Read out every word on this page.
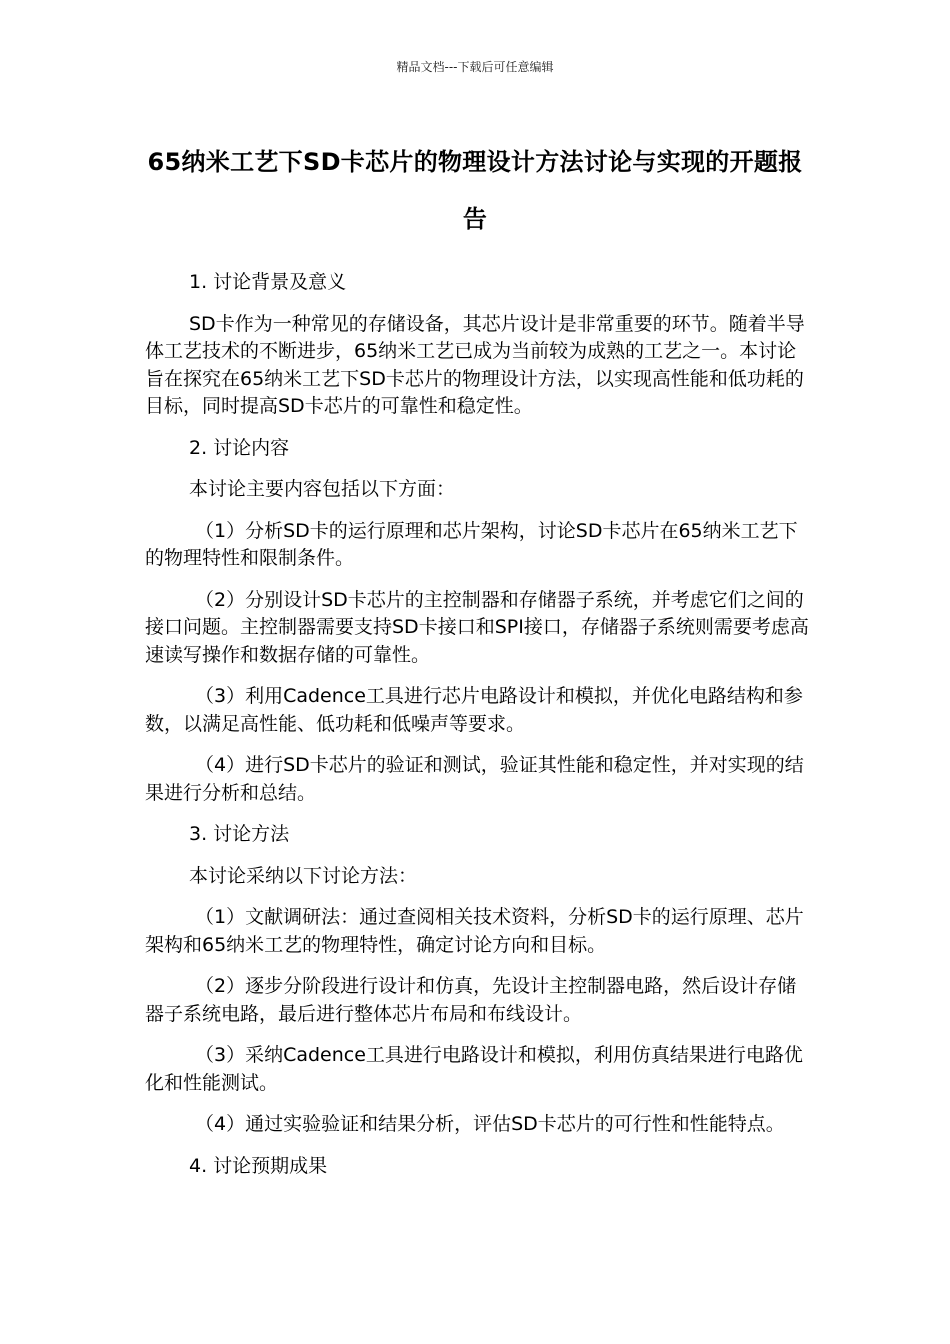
精品文档---下载后可任意编辑
65纳米工艺下SD卡芯片的物理设计方法讨论与实现的开题报告

1. 讨论背景及意义

SD卡作为一种常见的存储设备，其芯片设计是非常重要的环节。随着半导体工艺技术的不断进步，65纳米工艺已成为当前较为成熟的工艺之一。本讨论旨在探究在65纳米工艺下SD卡芯片的物理设计方法，以实现高性能和低功耗的目标，同时提高SD卡芯片的可靠性和稳定性。

2. 讨论内容

本讨论主要内容包括以下方面：

（1）分析SD卡的运行原理和芯片架构，讨论SD卡芯片在65纳米工艺下的物理特性和限制条件。

（2）分别设计SD卡芯片的主控制器和存储器子系统，并考虑它们之间的接口问题。主控制器需要支持SD卡接口和SPI接口，存储器子系统则需要考虑高速读写操作和数据存储的可靠性。

（3）利用Cadence工具进行芯片电路设计和模拟，并优化电路结构和参数，以满足高性能、低功耗和低噪声等要求。

（4）进行SD卡芯片的验证和测试，验证其性能和稳定性，并对实现的结果进行分析和总结。

3. 讨论方法

本讨论采纳以下讨论方法：

（1）文献调研法：通过查阅相关技术资料，分析SD卡的运行原理、芯片架构和65纳米工艺的物理特性，确定讨论方向和目标。

（2）逐步分阶段进行设计和仿真，先设计主控制器电路，然后设计存储器子系统电路，最后进行整体芯片布局和布线设计。

（3）采纳Cadence工具进行电路设计和模拟，利用仿真结果进行电路优化和性能测试。

（4）通过实验验证和结果分析，评估SD卡芯片的可行性和性能特点。

4. 讨论预期成果
